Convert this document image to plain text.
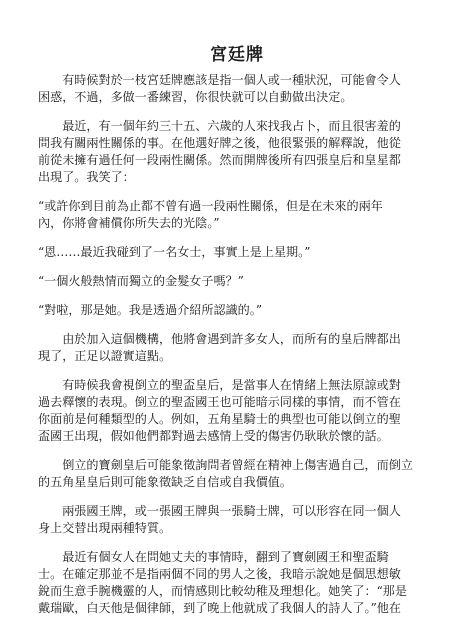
宮廷牌

有時候對於一枝宮廷牌應該是指一個人或一種狀況，可能會令人
困惑，不過，多做一番練習，你很快就可以自動做出決定。

最近，有一個年約三十五、六歲的人來找我占卜，而且很害羞的
問我有關兩性關係的事。在他選好牌之後，他很緊張的解釋說，他從
前從未擁有過任何一段兩性關係。然而開牌後所有四張皇后和皇星都
出現了。我笑了：

“或許你到目前為止都不曾有過一段兩性關係，但是在未來的兩年
內，你將會補償你所失去的光陰。”

“恩……最近我碰到了一名女士，事實上是上星期。”

“一個火般熱情而獨立的金髮女子嗎？”

“對啦，那是她。我是透過介紹所認識的。”

由於加入這個機構，他將會遇到許多女人，而所有的皇后牌都出
現了，正足以證實這點。

有時候我會視倒立的聖盃皇后，是當事人在情緒上無法原諒或對
過去釋懷的表現。倒立的聖盃國王也可能暗示同樣的事情，而不管在
你面前是何種類型的人。例如，五角星騎士的典型也可能以倒立的聖
盃國王出現，假如他們都對過去感情上受的傷害仍耿耿於懷的話。

倒立的寶劍皇后可能象徵詢問者曾經在精神上傷害過自己，而倒立
的五角星皇后則可能象徵缺乏自信或自我價值。

兩張國王牌，或一張國王牌與一張騎士牌，可以形容在同一個人
身上交替出現兩種特質。

最近有個女人在問她丈夫的事情時，翻到了寶劍國王和聖盃騎
士。在確定那並不是指兩個不同的男人之後，我暗示說她是個思想敏
銳而生意手腕機靈的人，而情感則比較幼稚及理想化。她笑了：“那是
戴瑞歐，白天他是個律師，到了晚上他就成了我個人的詩人了。”他在
